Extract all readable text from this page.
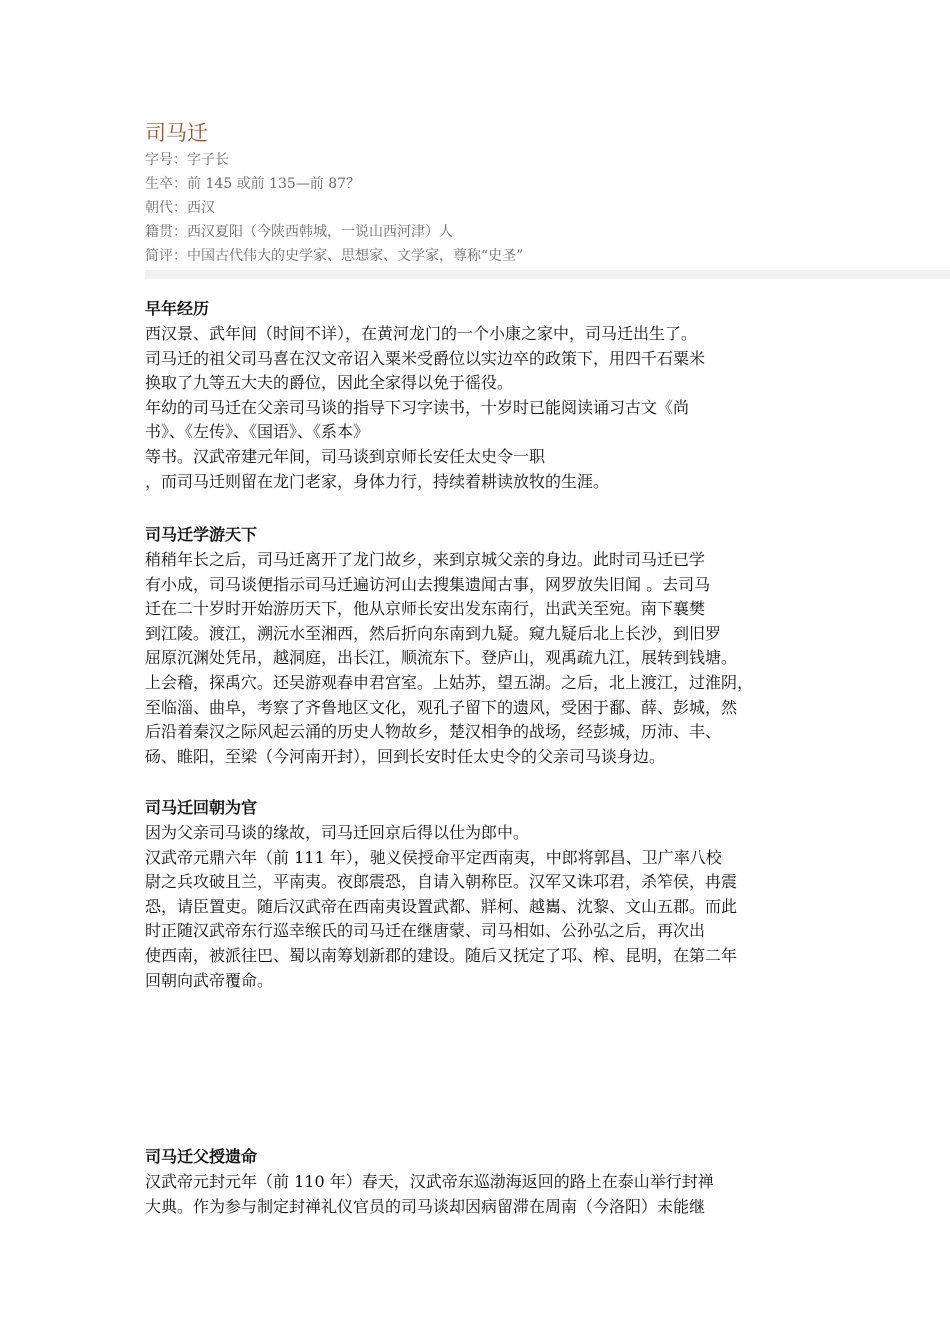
司马迁
字号：字子长
生卒：前 145 或前 135—前 87？
朝代：西汉
籍贯：西汉夏阳（今陕西韩城，一说山西河津）人
简评：中国古代伟大的史学家、思想家、文学家，尊称“史圣”
早年经历

西汉景、武年间（时间不详），在黄河龙门的一个小康之家中，司马迁出生了。

司马迁的祖父司马喜在汉文帝诏入粟米受爵位以实边卒的政策下，用四千石粟米

换取了九等五大夫的爵位，因此全家得以免于徭役。

年幼的司马迁在父亲司马谈的指导下习字读书，十岁时已能阅读诵习古文《尚

书》、《左传》、《国语》、《系本》

等书。汉武帝建元年间，司马谈到京师长安任太史令一职

，而司马迁则留在龙门老家，身体力行，持续着耕读放牧的生涯。

司马迁学游天下

稍稍年长之后，司马迁离开了龙门故乡，来到京城父亲的身边。此时司马迁已学

有小成，司马谈便指示司马迁遍访河山去搜集遗闻古事，网罗放失旧闻 。去司马

迁在二十岁时开始游历天下，他从京师长安出发东南行，出武关至宛。南下襄樊

到江陵。渡江，溯沅水至湘西，然后折向东南到九疑。窥九疑后北上长沙，到旧罗

屈原沉渊处凭吊，越洞庭，出长江，顺流东下。登庐山，观禹疏九江，展转到钱塘。

上会稽，探禹穴。还吴游观春申君宫室。上姑苏，望五湖。之后，北上渡江，过淮阴，

至临淄、曲阜，考察了齐鲁地区文化，观孔子留下的遗风，受困于鄱、薛、彭城，然

后沿着秦汉之际风起云涌的历史人物故乡，楚汉相争的战场，经彭城，历沛、丰、

砀、睢阳，至梁（今河南开封），回到长安时任太史令的父亲司马谈身边。

司马迁回朝为官

因为父亲司马谈的缘故，司马迁回京后得以仕为郎中。

汉武帝元鼎六年（前 111 年），驰义侯授命平定西南夷，中郎将郭昌、卫广率八校

尉之兵攻破且兰，平南夷。夜郎震恐，自请入朝称臣。汉军又诛邛君，杀笮侯，冉震

恐，请臣置吏。随后汉武帝在西南夷设置武都、牂柯、越巂、沈黎、文山五郡。而此

时正随汉武帝东行巡幸缑氏的司马迁在继唐蒙、司马相如、公孙弘之后，再次出

使西南，被派往巴、蜀以南筹划新郡的建设。随后又抚定了邛、榨、昆明，在第二年

回朝向武帝覆命。

司马迁父授遗命

汉武帝元封元年（前 110 年）春天，汉武帝东巡渤海返回的路上在泰山举行封禅

大典。作为参与制定封禅礼仪官员的司马谈却因病留滞在周南（今洛阳）未能继
